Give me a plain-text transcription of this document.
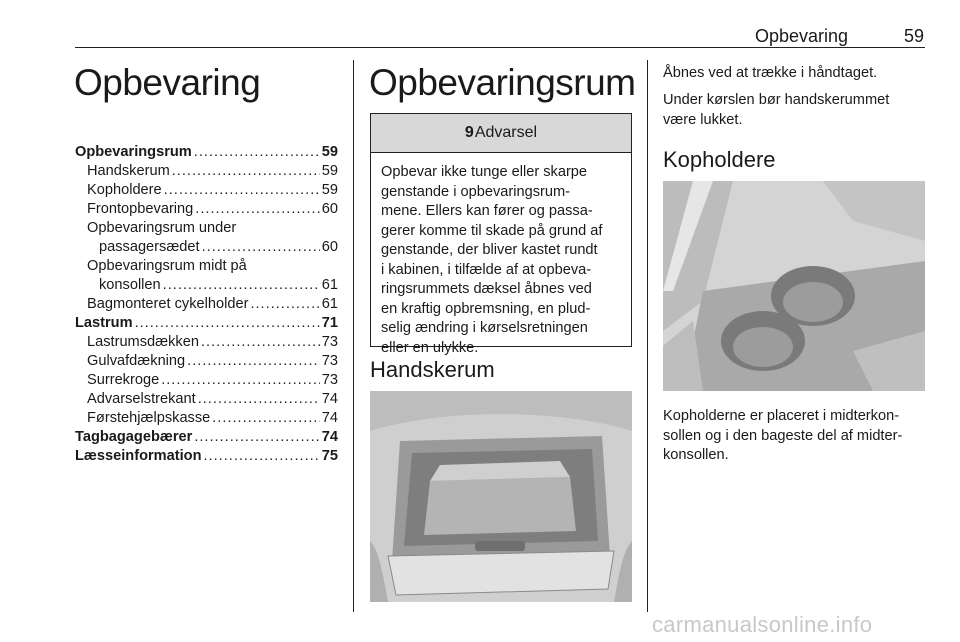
Opbevaring	59
Opbevaring
Opbevaringsrum .....	59
Handskerum .....	59
Kopholdere .....	59
Frontopbevaring .....	60
Opbevaringsrum under
passagersædet .....	60
Opbevaringsrum midt på
konsollen .....	61
Bagmonteret cykelholder .....	61
Lastrum .....	71
Lastrumsdækken .....	73
Gulvafdækning .....	73
Surrekroge .....	73
Advarselstrekant .....	74
Førstehjælpskasse .....	74
Tagbagagebærer .....	74
Læsseinformation .....	75
Opbevaringsrum
9 Advarsel
Opbevar ikke tunge eller skarpe
genstande i opbevaringsrum-
mene. Ellers kan fører og passa-
gerer komme til skade på grund af
genstande, der bliver kastet rundt
i kabinen, i tilfælde af at opbeva-
ringsrummets dæksel åbnes ved
en kraftig opbremsning, en plud-
selig ændring i kørselsretningen
eller en ulykke.
Handskerum
Åbnes ved at trække i håndtaget.
Under kørslen bør handskerummet
være lukket.
Kopholdere
Kopholderne er placeret i midterkon-
sollen og i den bageste del af midter-
konsollen.
carmanualsonline.info
